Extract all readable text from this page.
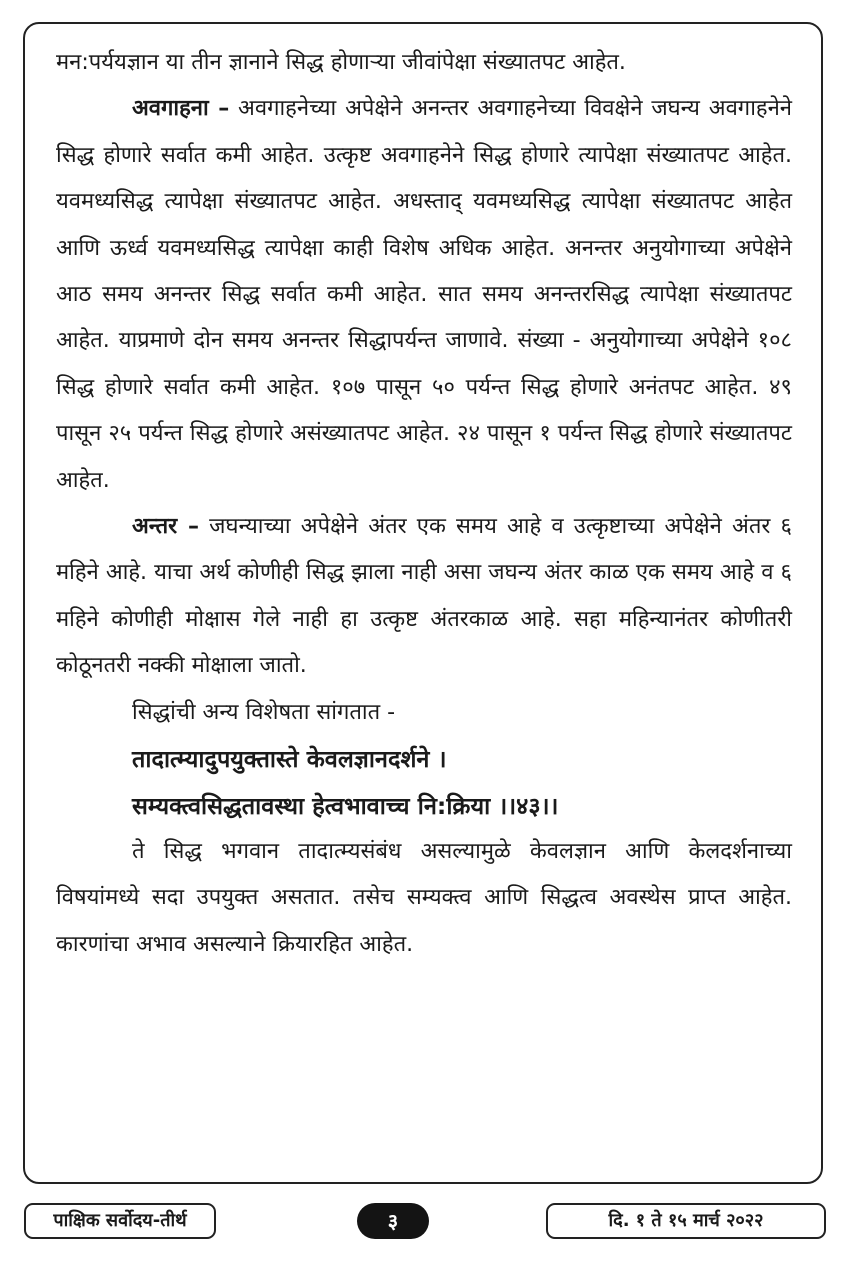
मन:पर्ययज्ञान या तीन ज्ञानाने सिद्ध होणाऱ्या जीवांपेक्षा संख्यातपट आहेत.

अवगाहना – अवगाहनेच्या अपेक्षेने अनन्तर अवगाहनेच्या विवक्षेने जघन्य अवगाहनेने सिद्ध होणारे सर्वात कमी आहेत. उत्कृष्ट अवगाहनेने सिद्ध होणारे त्यापेक्षा संख्यातपट आहेत. यवमध्यसिद्ध त्यापेक्षा संख्यातपट आहेत. अधस्ताद् यवमध्यसिद्ध त्यापेक्षा संख्यातपट आहेत आणि ऊर्ध्व यवमध्यसिद्ध त्यापेक्षा काही विशेष अधिक आहेत. अनन्तर अनुयोगाच्या अपेक्षेने आठ समय अनन्तर सिद्ध सर्वात कमी आहेत. सात समय अनन्तरसिद्ध त्यापेक्षा संख्यातपट आहेत. याप्रमाणे दोन समय अनन्तर सिद्धापर्यन्त जाणावे. संख्या - अनुयोगाच्या अपेक्षेने १०८ सिद्ध होणारे सर्वात कमी आहेत. १०७ पासून ५० पर्यन्त सिद्ध होणारे अनंतपट आहेत. ४९ पासून २५ पर्यन्त सिद्ध होणारे असंख्यातपट आहेत. २४ पासून १ पर्यन्त सिद्ध होणारे संख्यातपट आहेत.

अन्तर – जघन्याच्या अपेक्षेने अंतर एक समय आहे व उत्कृष्टाच्या अपेक्षेने अंतर ६ महिने आहे. याचा अर्थ कोणीही सिद्ध झाला नाही असा जघन्य अंतर काळ एक समय आहे व ६ महिने कोणीही मोक्षास गेले नाही हा उत्कृष्ट अंतरकाळ आहे. सहा महिन्यानंतर कोणीतरी कोठूनतरी नक्की मोक्षाला जातो.

सिद्धांची अन्य विशेषता सांगतात -

तादात्म्यादुपयुक्तास्ते केवलज्ञानदर्शने ।

सम्यक्त्वसिद्धतावस्था हेत्वभावाच्च नि:क्रिया ।।४३।।

ते सिद्ध भगवान तादात्म्यसंबंध असल्यामुळे केवलज्ञान आणि केलदर्शनाच्या विषयांमध्ये सदा उपयुक्त असतात. तसेच सम्यक्त्व आणि सिद्धत्व अवस्थेस प्राप्त आहेत. कारणांचा अभाव असल्याने क्रियारहित आहेत.

पाक्षिक सर्वोदय-तीर्थ	३	दि. १ ते १५ मार्च २०२२
